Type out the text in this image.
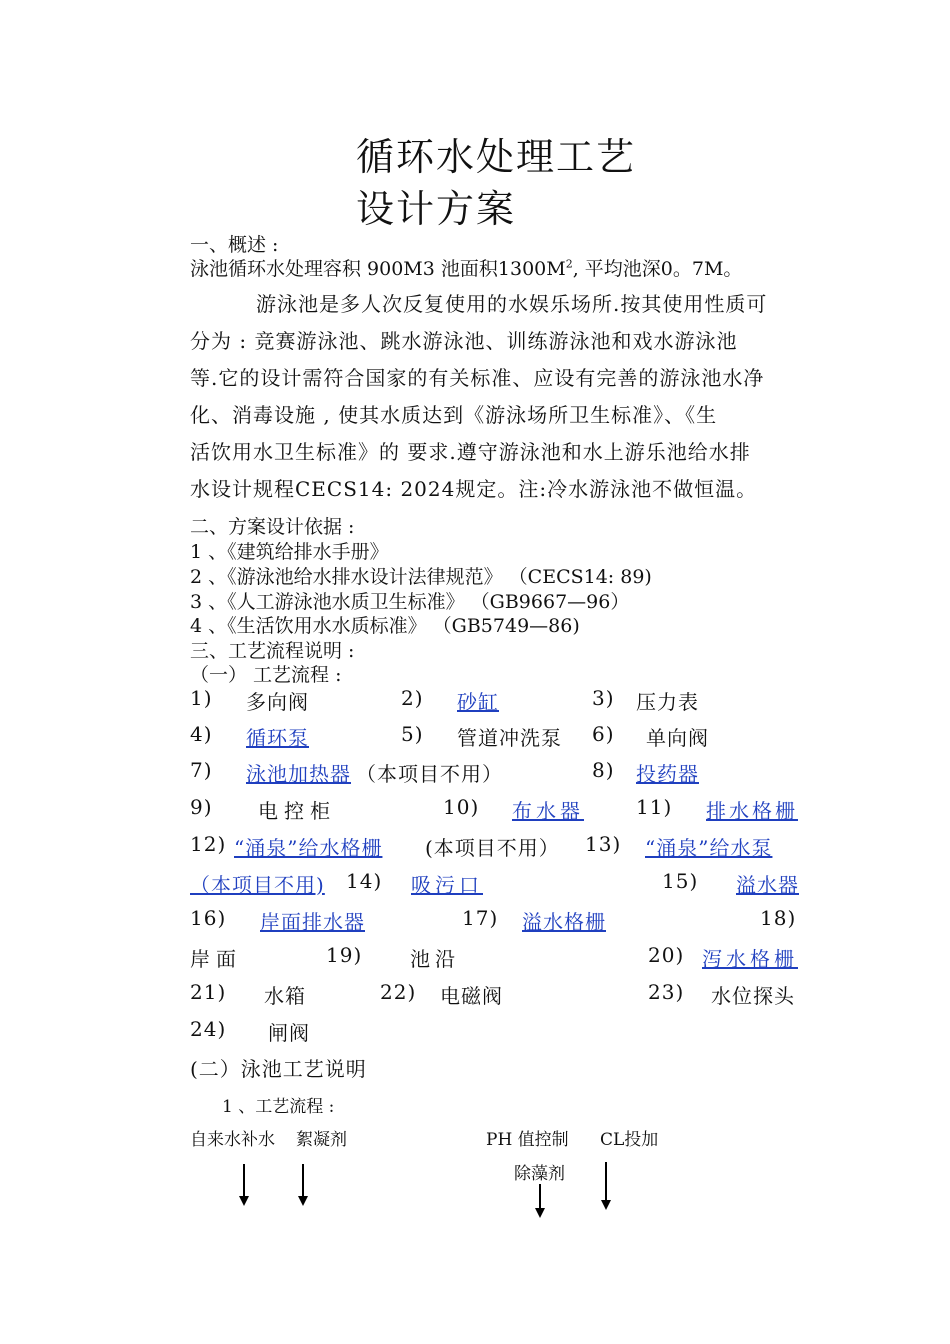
循环水处理工艺
设计方案
一、概述 :
泳池循环水处理容积 900M3 池面积$1300M^2$, 平均池深0。7M。
游泳池是多人次反复使用的水娱乐场所.按其使用性质可
分为 : 竞赛游泳池、跳水游泳池、训练游泳池和戏水游泳池
等.它的设计需符合国家的有关标准、应设有完善的游泳池水净
化、消毒设施 , 使其水质达到《游泳场所卫生标准》、《生
活饮用水卫生标准》的 要求.遵守游泳池和水上游乐池给水排
水设计规程CECS14: 2024规定。注:冷水游泳池不做恒温。
二、方案设计依据 :
1 、《建筑给排水手册》
2 、《游泳池给水排水设计法律规范》 （CECS14: 89)
3 、《人工游泳池水质卫生标准》 （GB9667—96）
4 、《生活饮用水水质标准》 （GB5749—86)
三、工艺流程说明 :
（一） 工艺流程 :
1) 多向阀	2) 砂缸	3) 压力表
4) 循环泵	5) 管道冲洗泵 6) 单向阀
7) 泳池加热器 （本项目不用）	8) 投药器
9) 电控柜	10) 布水器	11) 排水格栅
12) “涌泉”给水格栅 (本项目不用） 13) “涌泉”给水泵
（本项目不用) 14) 吸污口	15) 溢水器
16) 岸面排水器	17) 溢水格栅	18)
岸面	19) 池沿	20) 泻水格栅
21) 水箱	22) 电磁阀	23) 水位探头
24) 闸阀
(二）泳池工艺说明
1 、工艺流程 :
自来水补水 絮凝剂	PH 值控制 CL投加
除藻剂
